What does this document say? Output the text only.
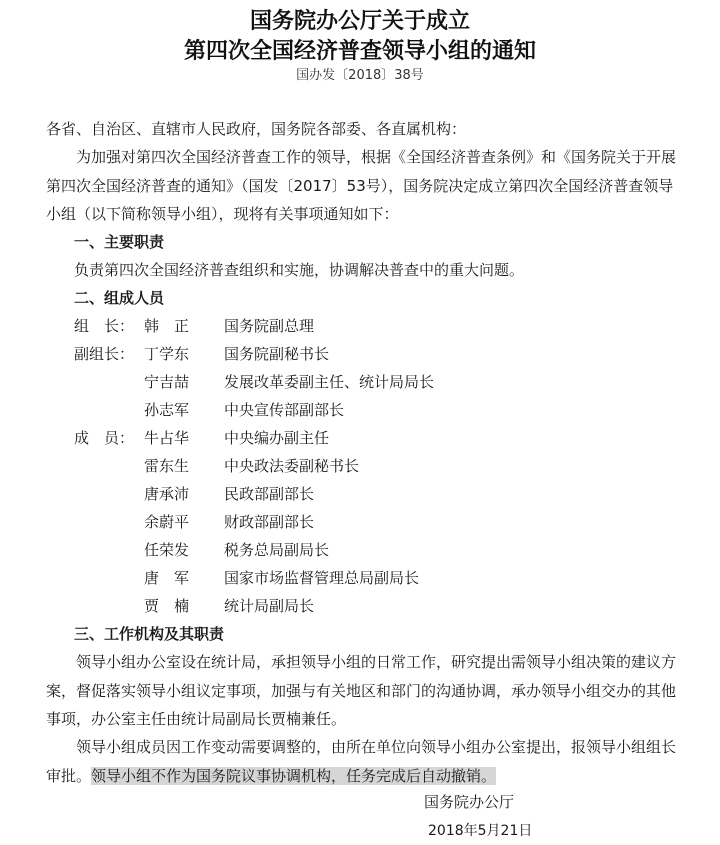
国务院办公厅关于成立
第四次全国经济普查领导小组的通知
国办发〔2018〕38号

各省、自治区、直辖市人民政府，国务院各部委、各直属机构：

　　为加强对第四次全国经济普查工作的领导，根据《全国经济普查条例》和《国务院关于开展第四次全国经济普查的通知》（国发〔2017〕53号），国务院决定成立第四次全国经济普查领导小组（以下简称领导小组），现将有关事项通知如下：

一、主要职责
负责第四次全国经济普查组织和实施，协调解决普查中的重大问题。
二、组成人员
组　长： 韩　正	国务院副总理
副组长： 丁学东	国务院副秘书长
宁吉喆	发展改革委副主任、统计局局长
孙志军	中央宣传部副部长
成　员： 牛占华	中央编办副主任
雷东生	中央政法委副秘书长
唐承沛	民政部副部长
余蔚平	财政部副部长
任荣发	税务总局副局长
唐　军	国家市场监督管理总局副局长
贾　楠	统计局副局长
三、工作机构及其职责

　　领导小组办公室设在统计局，承担领导小组的日常工作，研究提出需领导小组决策的建议方案，督促落实领导小组议定事项，加强与有关地区和部门的沟通协调，承办领导小组交办的其他事项，办公室主任由统计局副局长贾楠兼任。

　　领导小组成员因工作变动需要调整的，由所在单位向领导小组办公室提出，报领导小组组长审批。领导小组不作为国务院议事协调机构，任务完成后自动撤销。

国务院办公厅
2018年5月21日
